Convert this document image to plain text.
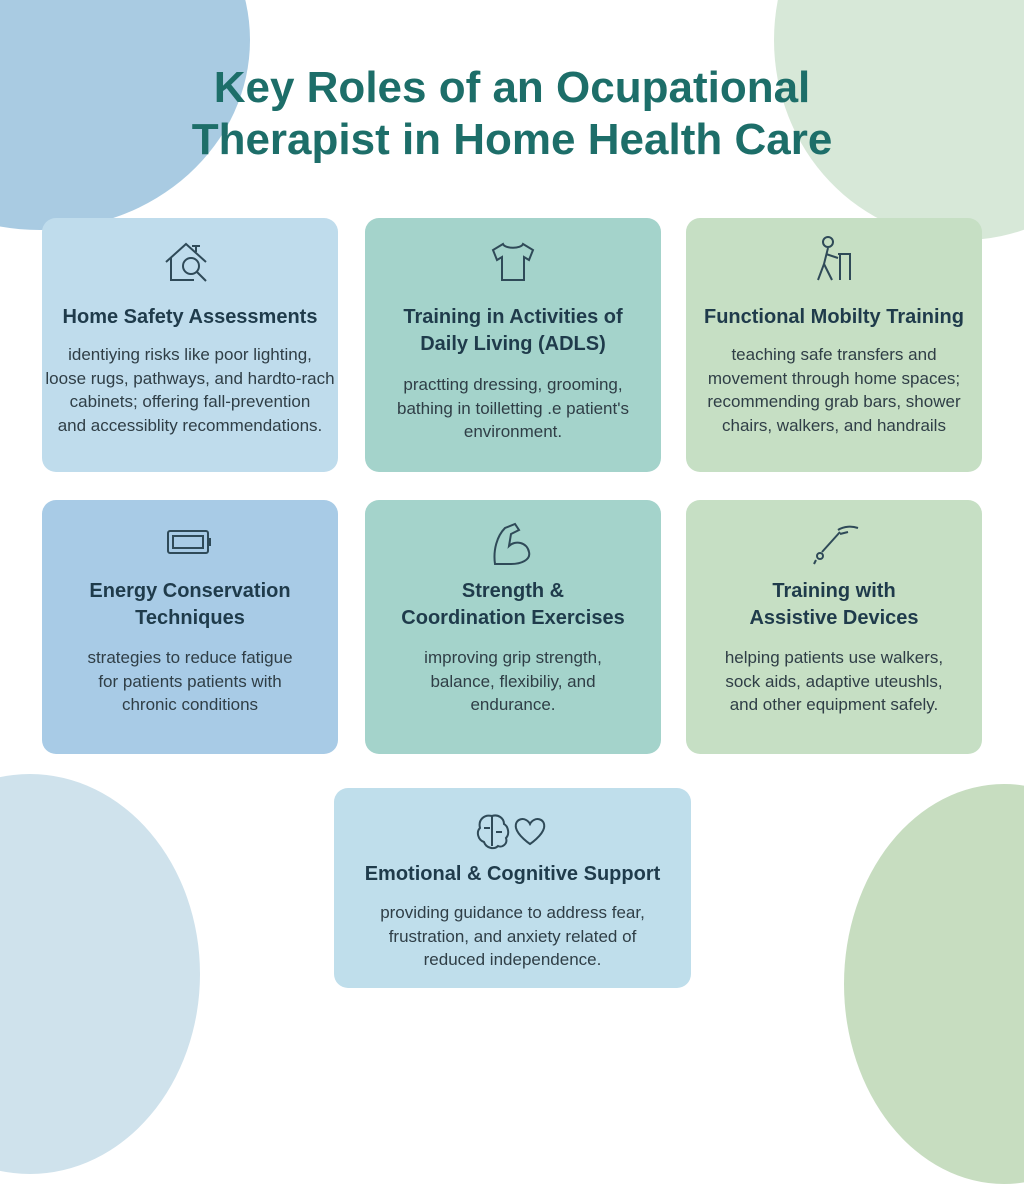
Key Roles of an Ocupational
Therapist in Home Health Care
Home Safety Assessments
identiying risks like poor lighting,
loose rugs, pathways, and hardto-rach
cabinets; offering fall-prevention
and accessiblity recommendations.
Training in Activities of
Daily Living (ADLS)
practting dressing, grooming,
bathing in toilletting .e patient's
environment.
Functional Mobilty Training
teaching safe transfers and
movement through home spaces;
recommending grab bars, shower
chairs, walkers, and handrails
Energy Conservation
Techniques
strategies to reduce fatigue
for patients patients with
chronic conditions
Strength &
Coordination Exercises
improving grip strength,
balance, flexibiliy, and
endurance.
Training with
Assistive Devices
helping patients use walkers,
sock aids, adaptive uteushls,
and other equipment safely.
Emotional & Cognitive Support
providing guidance to address fear,
frustration, and anxiety related of
reduced independence.
